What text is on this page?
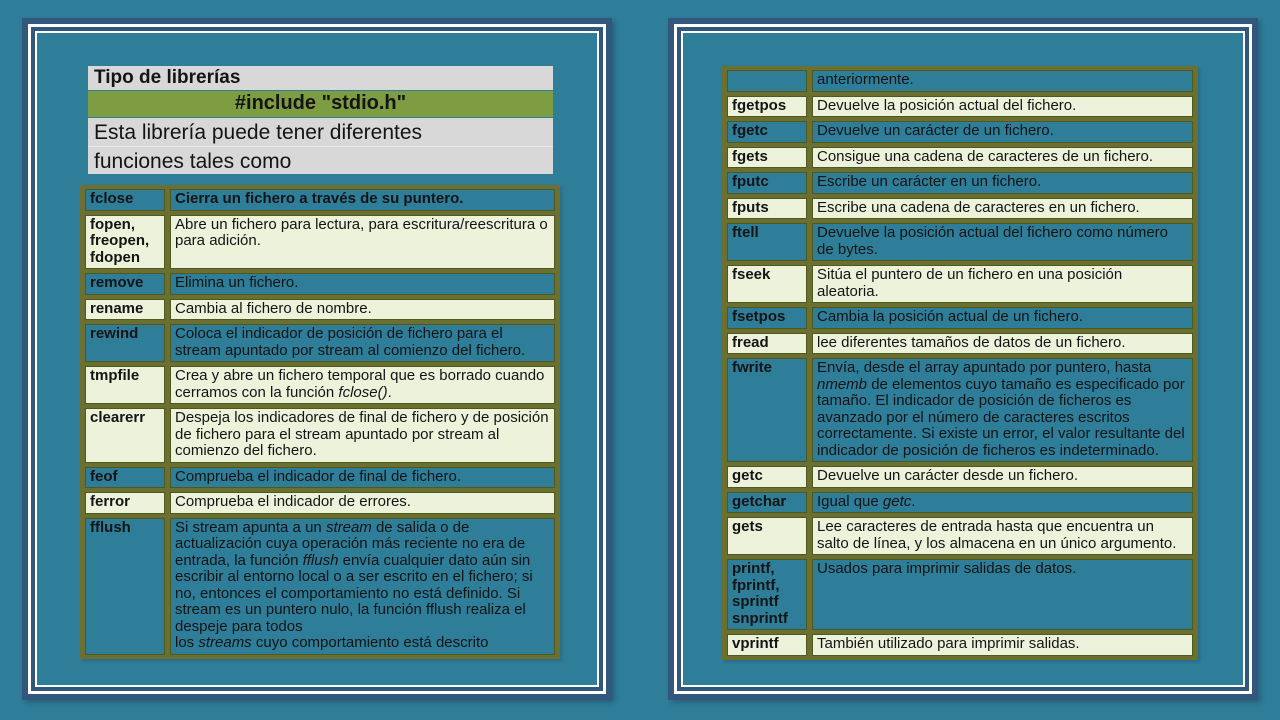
Tipo de librerías
#include "stdio.h"
Esta librería puede tener diferentes
funciones tales como
fclose	Cierra un fichero a través de su puntero.
fopen,
freopen,
fdopen	Abre un fichero para lectura, para escritura/reescritura o para adición.
remove	Elimina un fichero.
rename	Cambia al fichero de nombre.
rewind	Coloca el indicador de posición de fichero para el stream apuntado por stream al comienzo del fichero.
tmpfile	Crea y abre un fichero temporal que es borrado cuando cerramos con la función fclose().
clearerr	Despeja los indicadores de final de fichero y de posición de fichero para el stream apuntado por stream al comienzo del fichero.
feof	Comprueba el indicador de final de fichero.
ferror	Comprueba el indicador de errores.
fflush	Si stream apunta a un stream de salida o de actualización cuya operación más reciente no era de entrada, la función fflush envía cualquier dato aún sin escribir al entorno local o a ser escrito en el fichero; si no, entonces el comportamiento no está definido. Si stream es un puntero nulo, la función fflush realiza el despeje para todos
los streams cuyo comportamiento está descrito
	anteriormente.
fgetpos	Devuelve la posición actual del fichero.
fgetc	Devuelve un carácter de un fichero.
fgets	Consigue una cadena de caracteres de un fichero.
fputc	Escribe un carácter en un fichero.
fputs	Escribe una cadena de caracteres en un fichero.
ftell	Devuelve la posición actual del fichero como número de bytes.
fseek	Sitúa el puntero de un fichero en una posición aleatoria.
fsetpos	Cambia la posición actual de un fichero.
fread	lee diferentes tamaños de datos de un fichero.
fwrite	Envía, desde el array apuntado por puntero, hasta nmemb de elementos cuyo tamaño es especificado por tamaño. El indicador de posición de ficheros es avanzado por el número de caracteres escritos correctamente. Si existe un error, el valor resultante del indicador de posición de ficheros es indeterminado.
getc	Devuelve un carácter desde un fichero.
getchar	Igual que getc.
gets	Lee caracteres de entrada hasta que encuentra un salto de línea, y los almacena en un único argumento.
printf,
fprintf,
sprintf
snprintf	Usados para imprimir salidas de datos.
vprintf	También utilizado para imprimir salidas.
